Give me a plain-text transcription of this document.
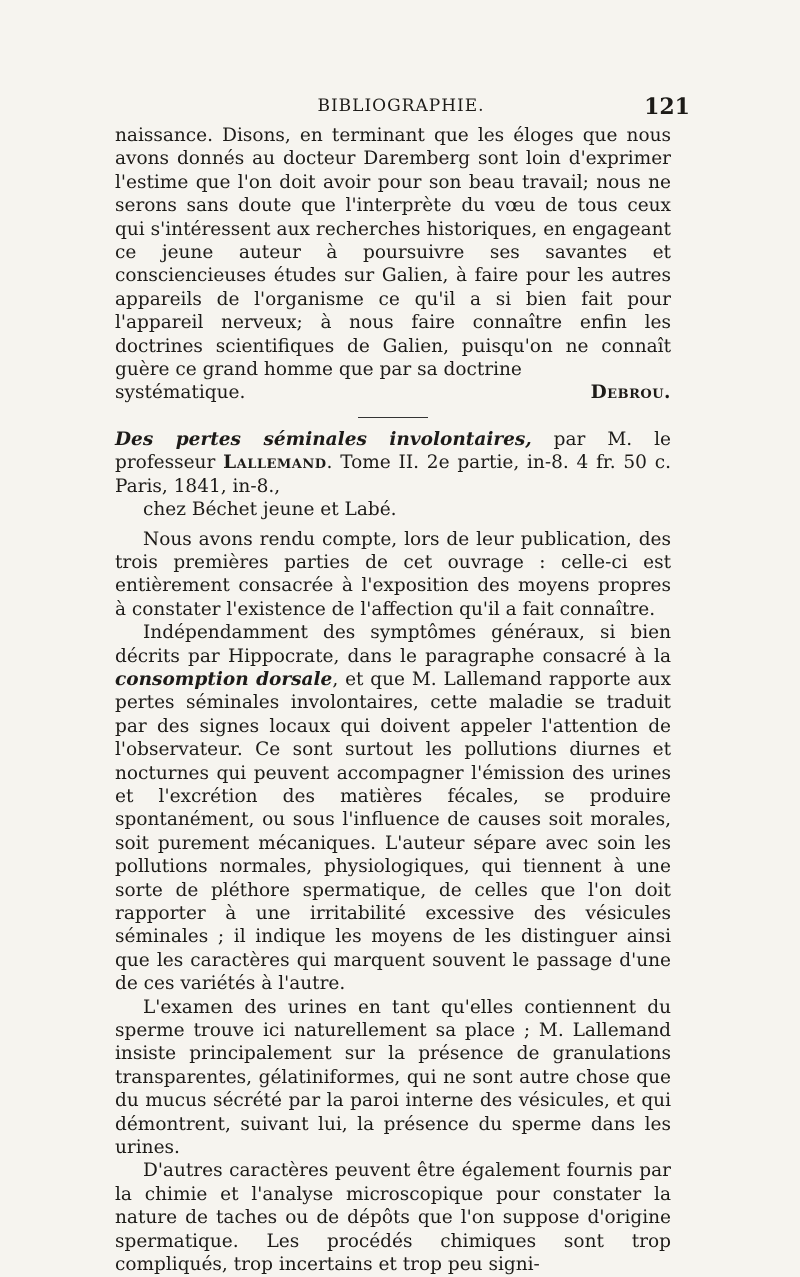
BIBLIOGRAPHIE.	121

naissance. Disons, en terminant que les éloges que nous avons donnés au docteur Daremberg sont loin d'exprimer l'estime que l'on doit avoir pour son beau travail; nous ne serons sans doute que l'interprète du vœu de tous ceux qui s'intéressent aux recherches historiques, en engageant ce jeune auteur à poursuivre ses savantes et consciencieuses études sur Galien, à faire pour les autres appareils de l'organisme ce qu'il a si bien fait pour l'appareil nerveux; à nous faire connaître enfin les doctrines scientifiques de Galien, puisqu'on ne connaît guère ce grand homme que par sa doctrine

systématique.	Debrou.

Des pertes séminales involontaires, par M. le professeur Lallemand. Tome II. 2e partie, in-8. 4 fr. 50 c. Paris, 1841, in-8.,

chez Béchet jeune et Labé.

Nous avons rendu compte, lors de leur publication, des trois premières parties de cet ouvrage : celle-ci est entièrement consacrée à l'exposition des moyens propres à constater l'existence de l'affection qu'il a fait connaître.

Indépendamment des symptômes généraux, si bien décrits par Hippocrate, dans le paragraphe consacré à la consomption dorsale, et que M. Lallemand rapporte aux pertes séminales involontaires, cette maladie se traduit par des signes locaux qui doivent appeler l'attention de l'observateur. Ce sont surtout les pollutions diurnes et nocturnes qui peuvent accompagner l'émission des urines et l'excrétion des matières fécales, se produire spontanément, ou sous l'influence de causes soit morales, soit purement mécaniques. L'auteur sépare avec soin les pollutions normales, physiologiques, qui tiennent à une sorte de pléthore spermatique, de celles que l'on doit rapporter à une irritabilité excessive des vésicules séminales ; il indique les moyens de les distinguer ainsi que les caractères qui marquent souvent le passage d'une de ces variétés à l'autre.

L'examen des urines en tant qu'elles contiennent du sperme trouve ici naturellement sa place ; M. Lallemand insiste principalement sur la présence de granulations transparentes, gélatiniformes, qui ne sont autre chose que du mucus sécrété par la paroi interne des vésicules, et qui démontrent, suivant lui, la présence du sperme dans les urines.

D'autres caractères peuvent être également fournis par la chimie et l'analyse microscopique pour constater la nature de taches ou de dépôts que l'on suppose d'origine spermatique. Les procédés chimiques sont trop compliqués, trop incertains et trop peu signi-
